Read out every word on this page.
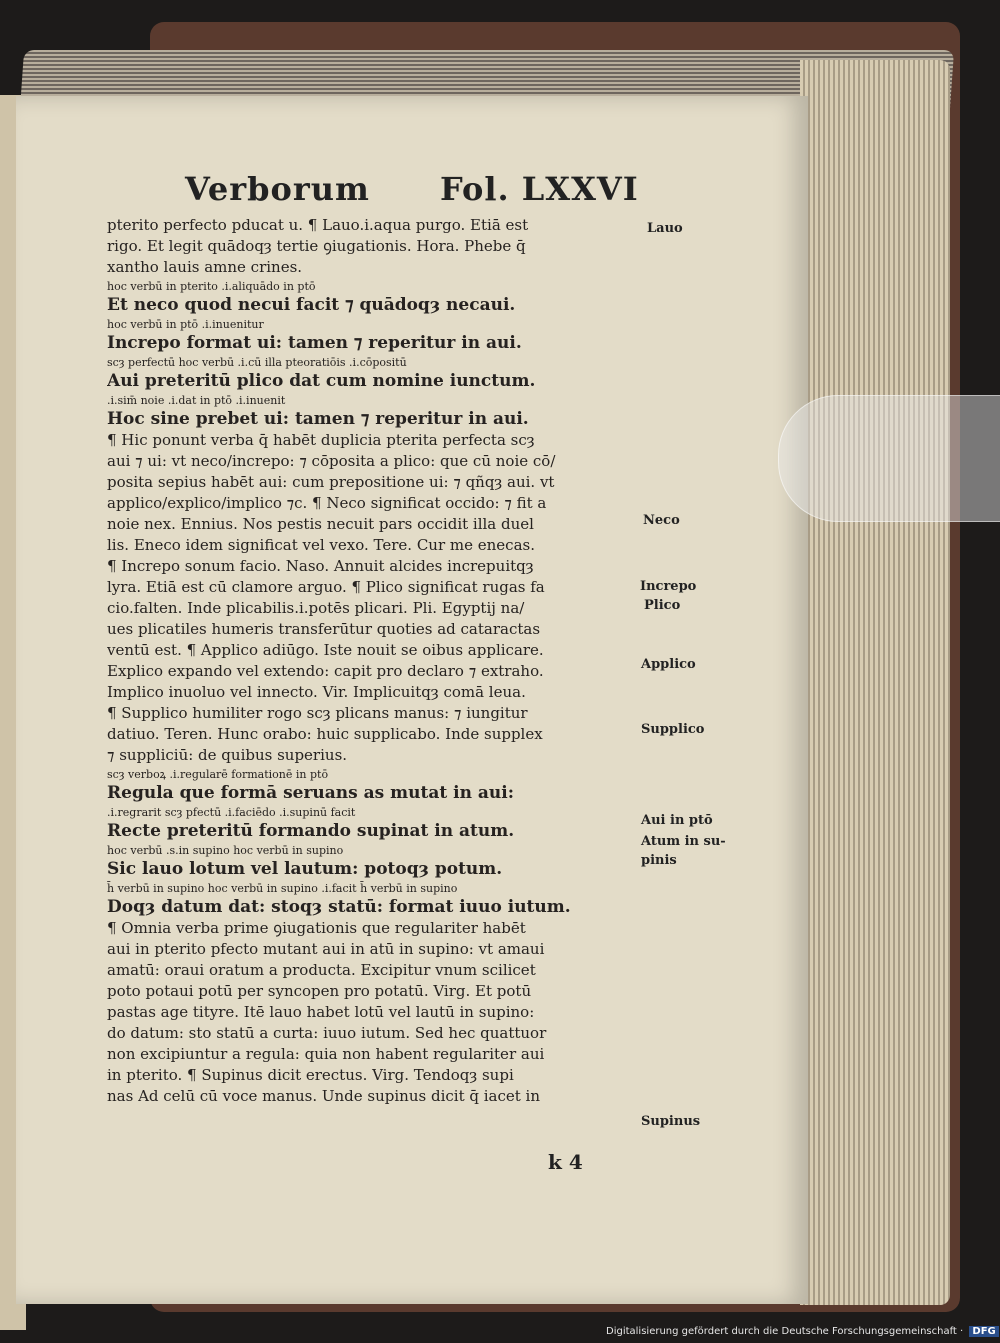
Verborum Fol. LXXVI
pterito perfecto pducat u. ¶ Lauo.i.aqua purgo. Etiā est
rigo. Et legit quādoqȝ tertie ꝯiugationis. Hora. Phebe q̄
xantho lauis amne crines.
hoc verbū in pterito .i.aliquādo in ptō
Et neco quod necui facit ⁊ quādoqȝ necaui.
hoc verbū in ptō .i.inuenitur
Increpo format ui: tamen ⁊ reperitur in aui.
scȝ perfectū hoc verbū .i.cū illa pteoratiōis .i.cōpositū
Aui preteritū plico dat cum nomine iunctum.
.i.sim̄ noie .i.dat in ptō .i.inuenit
Hoc sine prebet ui: tamen ⁊ reperitur in aui.
¶ Hic ponunt verba q̄ habēt duplicia pterita perfecta scȝ
aui ⁊ ui: vt neco/increpo: ⁊ cōposita a plico: que cū noie cō/
posita sepius habēt aui: cum prepositione ui: ⁊ qñqȝ aui. vt
applico/explico/implico ⁊c. ¶ Neco significat occido: ⁊ fit a
noie nex. Ennius. Nos pestis necuit pars occidit illa duel
lis. Eneco idem significat vel vexo. Tere. Cur me enecas.
¶ Increpo sonum facio. Naso. Annuit alcides increpuitqȝ
lyra. Etiā est cū clamore arguo. ¶ Plico significat rugas fa
cio.falten. Inde plicabilis.i.potēs plicari. Pli. Egyptij na/
ues plicatiles humeris transferūtur quoties ad cataractas
ventū est. ¶ Applico adiūgo. Iste nouit se oibus applicare.
Explico expando vel extendo: capit pro declaro ⁊ extraho.
Implico inuoluo vel innecto. Vir. Implicuitqȝ comā leua.
¶ Supplico humiliter rogo scȝ plicans manus: ⁊ iungitur
datiuo. Teren. Hunc orabo: huic supplicabo. Inde supplex
⁊ suppliciū: de quibus superius.
scȝ verboꝝ .i.regularē formationē in ptō
Regula que formā seruans as mutat in aui:
.i.regrarit scȝ pfectū .i.faciēdo .i.supinū facit
Recte preteritū formando supinat in atum.
hoc verbū .s.in supino hoc verbū in supino
Sic lauo lotum vel lautum: potoqȝ potum.
h̄ verbū in supino hoc verbū in supino .i.facit h̄ verbū in supino
Doqȝ datum dat: stoqȝ statū: format iuuo iutum.
¶ Omnia verba prime ꝯiugationis que regulariter habēt
aui in pterito pfecto mutant aui in atū in supino: vt amaui
amatū: oraui oratum a producta. Excipitur vnum scilicet
poto potaui potū per syncopen pro potatū. Virg. Et potū
pastas age tityre. Itē lauo habet lotū vel lautū in supino:
do datum: sto statū a curta: iuuo iutum. Sed hec quattuor
non excipiuntur a regula: quia non habent regulariter aui
in pterito. ¶ Supinus dicit erectus. Virg. Tendoqȝ supi
nas Ad celū cū voce manus. Unde supinus dicit q̄ iacet in
Lauo
Neco
Increpo
Plico
Applico
Supplico
Aui in ptō
Atum in su-
pinis
Supinus
k 4
Digitalisierung gefördert durch die Deutsche Forschungsgemeinschaft · DFG
